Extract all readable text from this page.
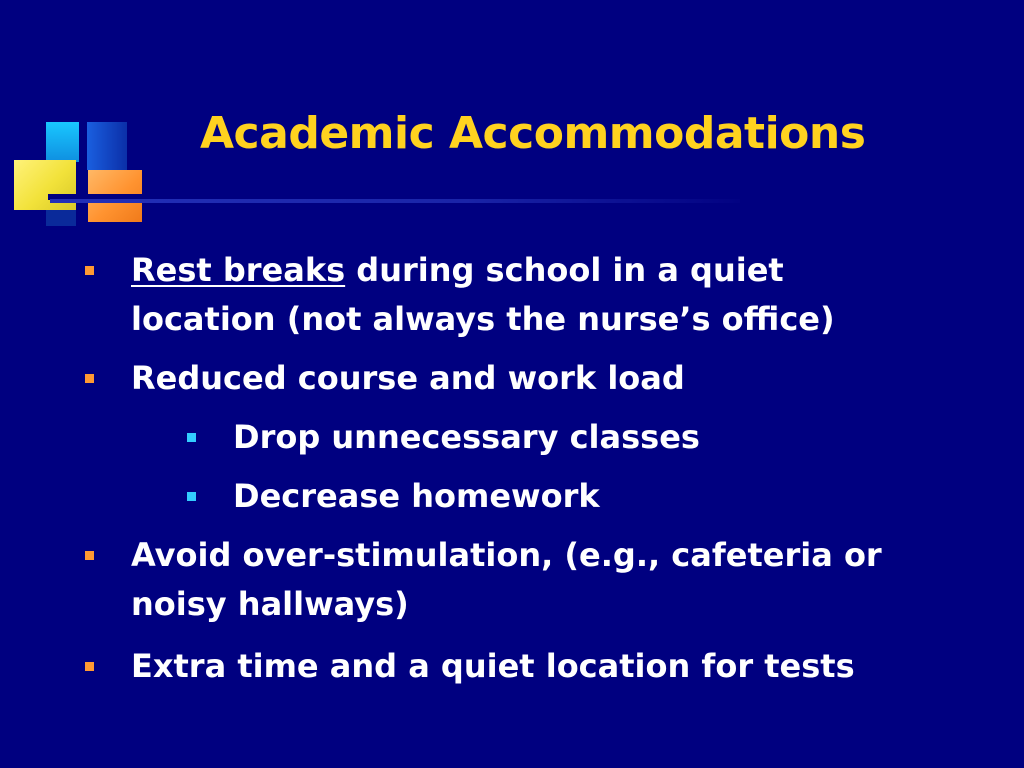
Academic Accommodations
Rest breaks during school in a quiet
location (not always the nurse’s office)
Reduced course and work load
Drop unnecessary classes
Decrease homework
Avoid over-stimulation, (e.g., cafeteria or
noisy hallways)
Extra time and a quiet location for tests
